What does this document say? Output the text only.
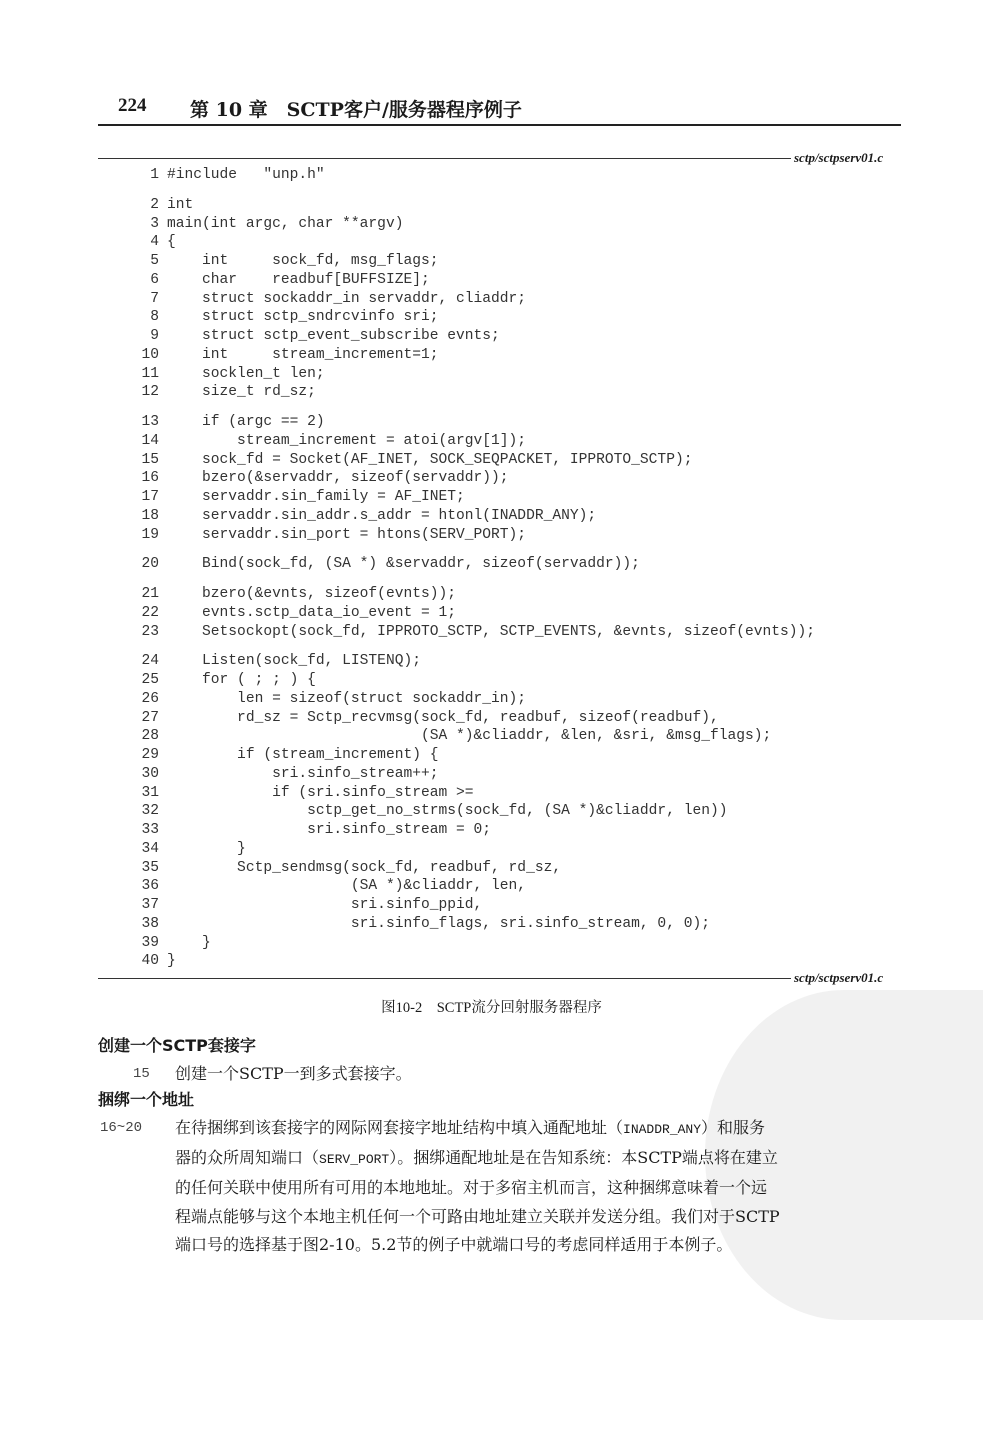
224 第 10 章　SCTP客户/服务器程序例子
sctp/sctpserv01.c
1 #include   "unp.h"
2 int
3 main(int argc, char **argv)
4 {
5 int     sock_fd, msg_flags;
6 char    readbuf[BUFFSIZE];
7 struct sockaddr_in servaddr, cliaddr;
8 struct sctp_sndrcvinfo sri;
9 struct sctp_event_subscribe evnts;
10 int     stream_increment=1;
11 socklen_t len;
12 size_t rd_sz;
13 if (argc == 2)
14 stream_increment = atoi(argv[1]);
15 sock_fd = Socket(AF_INET, SOCK_SEQPACKET, IPPROTO_SCTP);
16 bzero(&servaddr, sizeof(servaddr));
17 servaddr.sin_family = AF_INET;
18 servaddr.sin_addr.s_addr = htonl(INADDR_ANY);
19 servaddr.sin_port = htons(SERV_PORT);
20 Bind(sock_fd, (SA *) &servaddr, sizeof(servaddr));
21 bzero(&evnts, sizeof(evnts));
22 evnts.sctp_data_io_event = 1;
23 Setsockopt(sock_fd, IPPROTO_SCTP, SCTP_EVENTS, &evnts, sizeof(evnts));
24 Listen(sock_fd, LISTENQ);
25 for ( ; ; ) {
26 len = sizeof(struct sockaddr_in);
27 rd_sz = Sctp_recvmsg(sock_fd, readbuf, sizeof(readbuf),
28 (SA *)&cliaddr, &len, &sri, &msg_flags);
29 if (stream_increment) {
30 sri.sinfo_stream++;
31 if (sri.sinfo_stream >=
32 sctp_get_no_strms(sock_fd, (SA *)&cliaddr, len))
33 sri.sinfo_stream = 0;
34 }
35 Sctp_sendmsg(sock_fd, readbuf, rd_sz,
36 (SA *)&cliaddr, len,
37 sri.sinfo_ppid,
38 sri.sinfo_flags, sri.sinfo_stream, 0, 0);
39 }
40 }
sctp/sctpserv01.c
图10-2　SCTP流分回射服务器程序
创建一个SCTP套接字
15	创建一个SCTP一到多式套接字。
捆绑一个地址
16~20	在待捆绑到该套接字的网际网套接字地址结构中填入通配地址（INADDR_ANY）和服务
器的众所周知端口（SERV_PORT）。捆绑通配地址是在告知系统：本SCTP端点将在建立
的任何关联中使用所有可用的本地地址。对于多宿主机而言，这种捆绑意味着一个远
程端点能够与这个本地主机任何一个可路由地址建立关联并发送分组。我们对于SCTP
端口号的选择基于图2-10。5.2节的例子中就端口号的考虑同样适用于本例子。
